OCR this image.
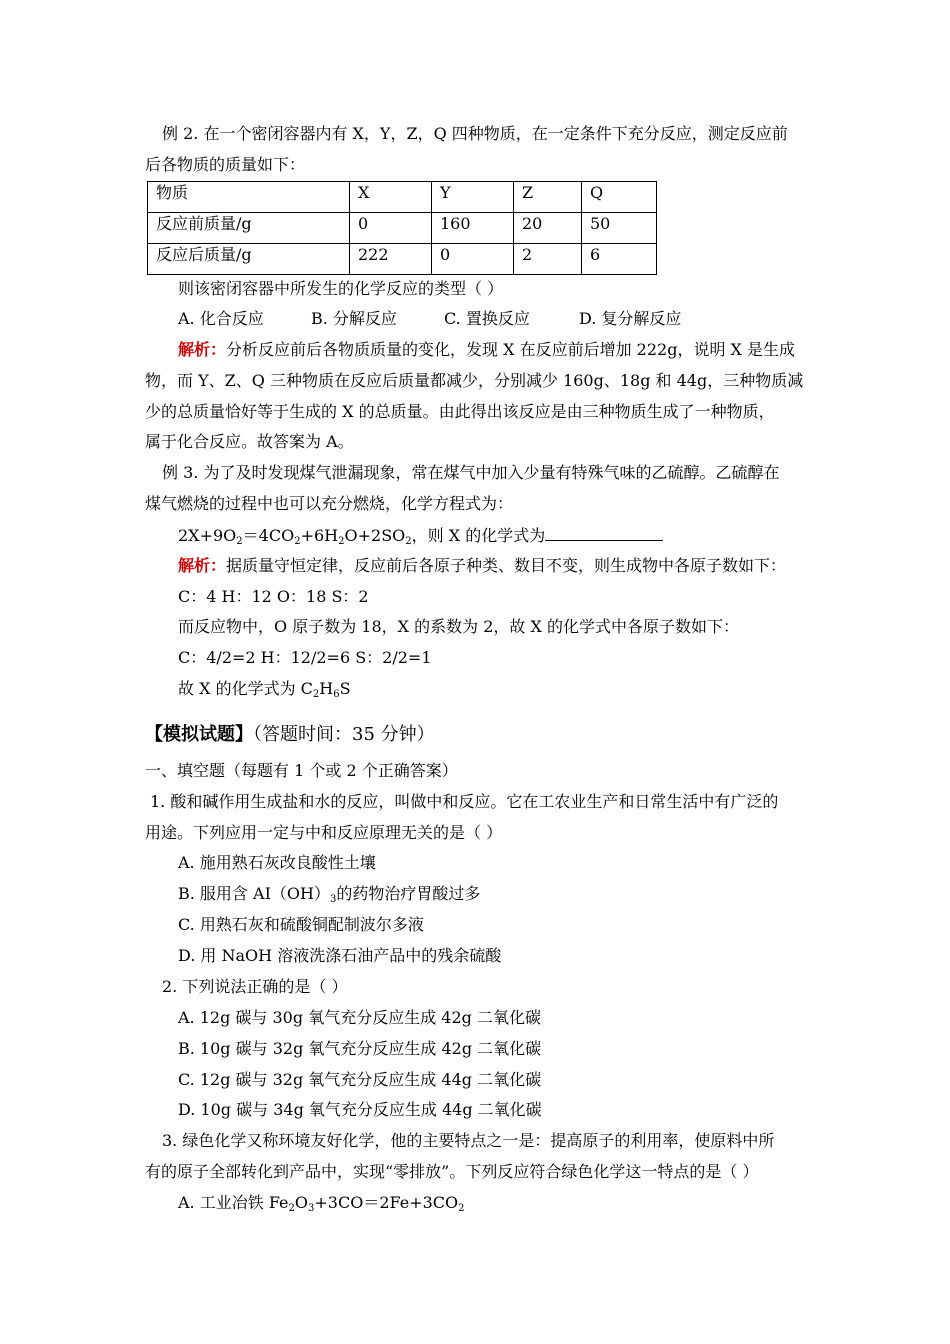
例 2. 在一个密闭容器内有 X，Y，Z，Q 四种物质，在一定条件下充分反应，测定反应前
后各物质的质量如下：
物质	X	Y	Z	Q
反应前质量/g	0	160	20	50
反应后质量/g	222	0	2	6
则该密闭容器中所发生的化学反应的类型（ ）
A. 化合反应	B. 分解反应	C. 置换反应	D. 复分解反应
解析：分析反应前后各物质质量的变化，发现 X 在反应前后增加 222g，说明 X 是生成
物，而 Y、Z、Q 三种物质在反应后质量都减少，分别减少 160g、18g 和 44g，三种物质减
少的总质量恰好等于生成的 X 的总质量。由此得出该反应是由三种物质生成了一种物质，
属于化合反应。故答案为 A。
例 3. 为了及时发现煤气泄漏现象，常在煤气中加入少量有特殊气味的乙硫醇。乙硫醇在
煤气燃烧的过程中也可以充分燃烧，化学方程式为：
$2X+9O_2=4CO_2+6H_2O+2SO_2$，则 X 的化学式为
解析：据质量守恒定律，反应前后各原子种类、数目不变，则生成物中各原子数如下：
C：4 H：12 O：18 S：2
而反应物中，O 原子数为 18，X 的系数为 2，故 X 的化学式中各原子数如下：
C：4/2=2 H：12/2=6 S：2/2=1
故 X 的化学式为 $C_2H_6S$
【模拟试题】（答题时间：35 分钟）
一、填空题（每题有 1 个或 2 个正确答案）
1. 酸和碱作用生成盐和水的反应，叫做中和反应。它在工农业生产和日常生活中有广泛的
用途。下列应用一定与中和反应原理无关的是（ ）
A. 施用熟石灰改良酸性土壤
B. 服用含 $AI(OH)_3$的药物治疗胃酸过多
C. 用熟石灰和硫酸铜配制波尔多液
D. 用 NaOH 溶液洗涤石油产品中的残余硫酸
2. 下列说法正确的是（ ）
A. 12g 碳与 30g 氧气充分反应生成 42g 二氧化碳
B. 10g 碳与 32g 氧气充分反应生成 42g 二氧化碳
C. 12g 碳与 32g 氧气充分反应生成 44g 二氧化碳
D. 10g 碳与 34g 氧气充分反应生成 44g 二氧化碳
3. 绿色化学又称环境友好化学，他的主要特点之一是：提高原子的利用率，使原料中所
有的原子全部转化到产品中，实现“零排放”。下列反应符合绿色化学这一特点的是（ ）
A. 工业冶铁 $Fe_2O_3+3CO=2Fe+3CO_2$
